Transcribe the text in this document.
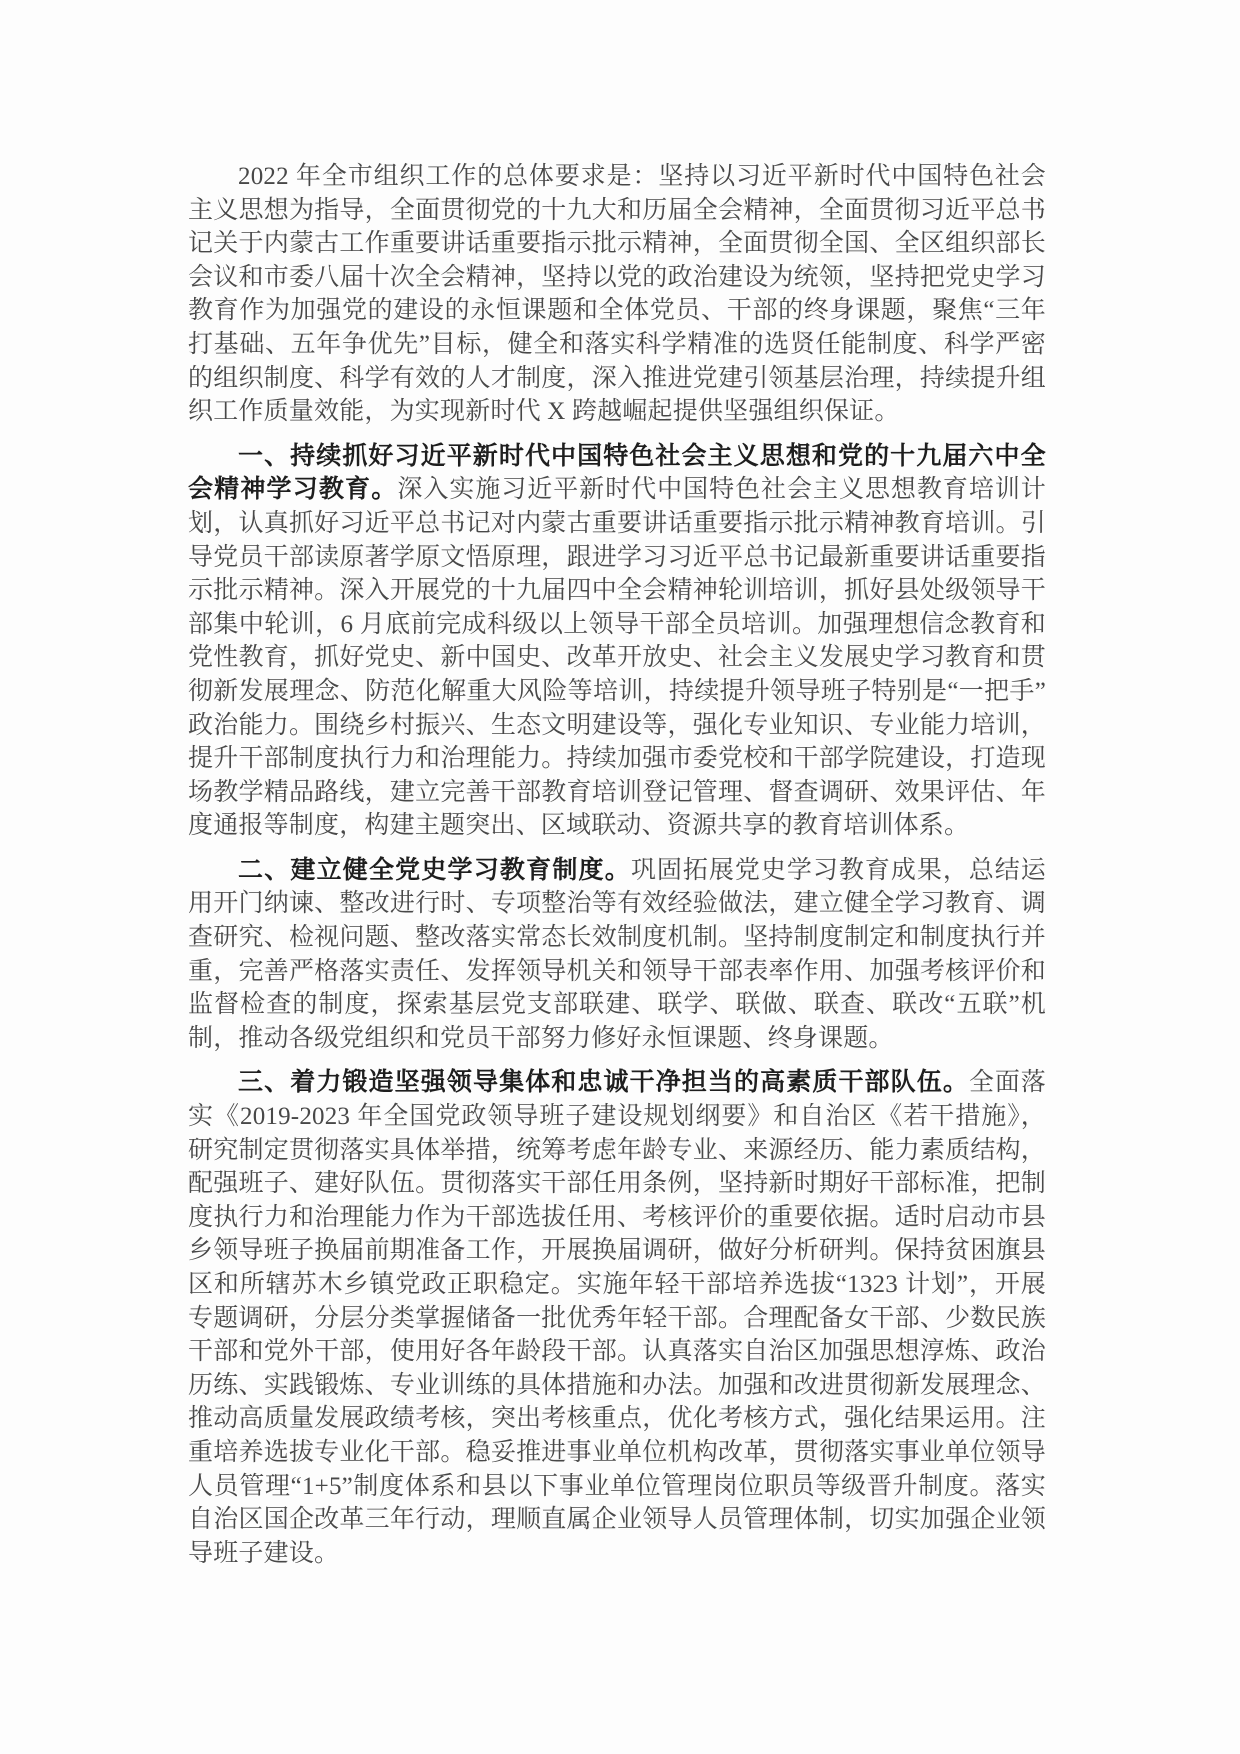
2022 年全市组织工作的总体要求是：坚持以习近平新时代中国特色社会主义思想为指导，全面贯彻党的十九大和历届全会精神，全面贯彻习近平总书记关于内蒙古工作重要讲话重要指示批示精神，全面贯彻全国、全区组织部长会议和市委八届十次全会精神，坚持以党的政治建设为统领，坚持把党史学习教育作为加强党的建设的永恒课题和全体党员、干部的终身课题，聚焦“三年打基础、五年争优先”目标，健全和落实科学精准的选贤任能制度、科学严密的组织制度、科学有效的人才制度，深入推进党建引领基层治理，持续提升组织工作质量效能，为实现新时代 X 跨越崛起提供坚强组织保证。

一、持续抓好习近平新时代中国特色社会主义思想和党的十九届六中全会精神学习教育。深入实施习近平新时代中国特色社会主义思想教育培训计划，认真抓好习近平总书记对内蒙古重要讲话重要指示批示精神教育培训。引导党员干部读原著学原文悟原理，跟进学习习近平总书记最新重要讲话重要指示批示精神。深入开展党的十九届四中全会精神轮训培训，抓好县处级领导干部集中轮训，6 月底前完成科级以上领导干部全员培训。加强理想信念教育和党性教育，抓好党史、新中国史、改革开放史、社会主义发展史学习教育和贯彻新发展理念、防范化解重大风险等培训，持续提升领导班子特别是“一把手”政治能力。围绕乡村振兴、生态文明建设等，强化专业知识、专业能力培训，提升干部制度执行力和治理能力。持续加强市委党校和干部学院建设，打造现场教学精品路线，建立完善干部教育培训登记管理、督查调研、效果评估、年度通报等制度，构建主题突出、区域联动、资源共享的教育培训体系。

二、建立健全党史学习教育制度。巩固拓展党史学习教育成果，总结运用开门纳谏、整改进行时、专项整治等有效经验做法，建立健全学习教育、调查研究、检视问题、整改落实常态长效制度机制。坚持制度制定和制度执行并重，完善严格落实责任、发挥领导机关和领导干部表率作用、加强考核评价和监督检查的制度，探索基层党支部联建、联学、联做、联查、联改“五联”机制，推动各级党组织和党员干部努力修好永恒课题、终身课题。

三、着力锻造坚强领导集体和忠诚干净担当的高素质干部队伍。全面落实《2019-2023 年全国党政领导班子建设规划纲要》和自治区《若干措施》，研究制定贯彻落实具体举措，统筹考虑年龄专业、来源经历、能力素质结构，配强班子、建好队伍。贯彻落实干部任用条例，坚持新时期好干部标准，把制度执行力和治理能力作为干部选拔任用、考核评价的重要依据。适时启动市县乡领导班子换届前期准备工作，开展换届调研，做好分析研判。保持贫困旗县区和所辖苏木乡镇党政正职稳定。实施年轻干部培养选拔“1323 计划”，开展专题调研，分层分类掌握储备一批优秀年轻干部。合理配备女干部、少数民族干部和党外干部，使用好各年龄段干部。认真落实自治区加强思想淳炼、政治历练、实践锻炼、专业训练的具体措施和办法。加强和改进贯彻新发展理念、推动高质量发展政绩考核，突出考核重点，优化考核方式，强化结果运用。注重培养选拔专业化干部。稳妥推进事业单位机构改革，贯彻落实事业单位领导人员管理“1+5”制度体系和县以下事业单位管理岗位职员等级晋升制度。落实自治区国企改革三年行动，理顺直属企业领导人员管理体制，切实加强企业领导班子建设。
